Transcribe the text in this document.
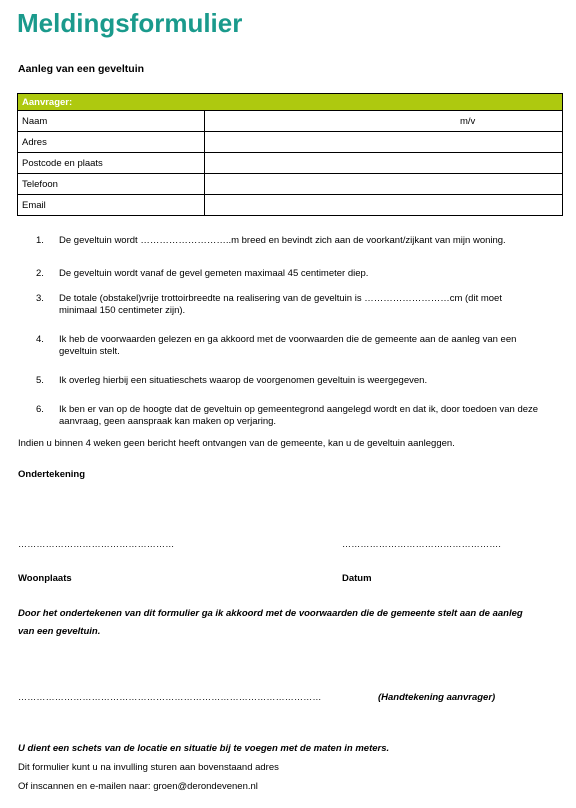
Meldingsformulier

Aanleg van een geveltuin

Aanvrager:	
Naam	m/v

Adres	
Postcode en plaats	
Telefoon	
Email	
1. De geveltuin wordt ………………………..m breed en bevindt zich aan de voorkant/zijkant van mijn woning.
2. De geveltuin wordt vanaf de gevel gemeten maximaal 45 centimeter diep.
3. De totale (obstakel)vrije trottoirbreedte na realisering van de geveltuin is ………………………cm (dit moet minimaal 150 centimeter zijn).
4. Ik heb de voorwaarden gelezen en ga akkoord met de voorwaarden die de gemeente aan de aanleg van een geveltuin stelt.
5. Ik overleg hierbij een situatieschets waarop de voorgenomen geveltuin is weergegeven.
6. Ik ben er van op de hoogte dat de geveltuin op gemeentegrond aangelegd wordt en dat ik, door toedoen van deze aanvraag, geen aanspraak kan maken op verjaring.

Indien u binnen 4 weken geen bericht heeft ontvangen van de gemeente, kan u de geveltuin aanleggen.

Ondertekening

……………………………………………	…………………………………………….

Woonplaats	Datum

Door het ondertekenen van dit formulier ga ik akkoord met de voorwaarden die de gemeente stelt aan de aanleg van een geveltuin.

………………………………………………………………………………………	(Handtekening aanvrager)

U dient een schets van de locatie en situatie bij te voegen met de maten in meters.

Dit formulier kunt u na invulling sturen aan bovenstaand adres

Of inscannen en e-mailen naar: groen@derondevenen.nl
